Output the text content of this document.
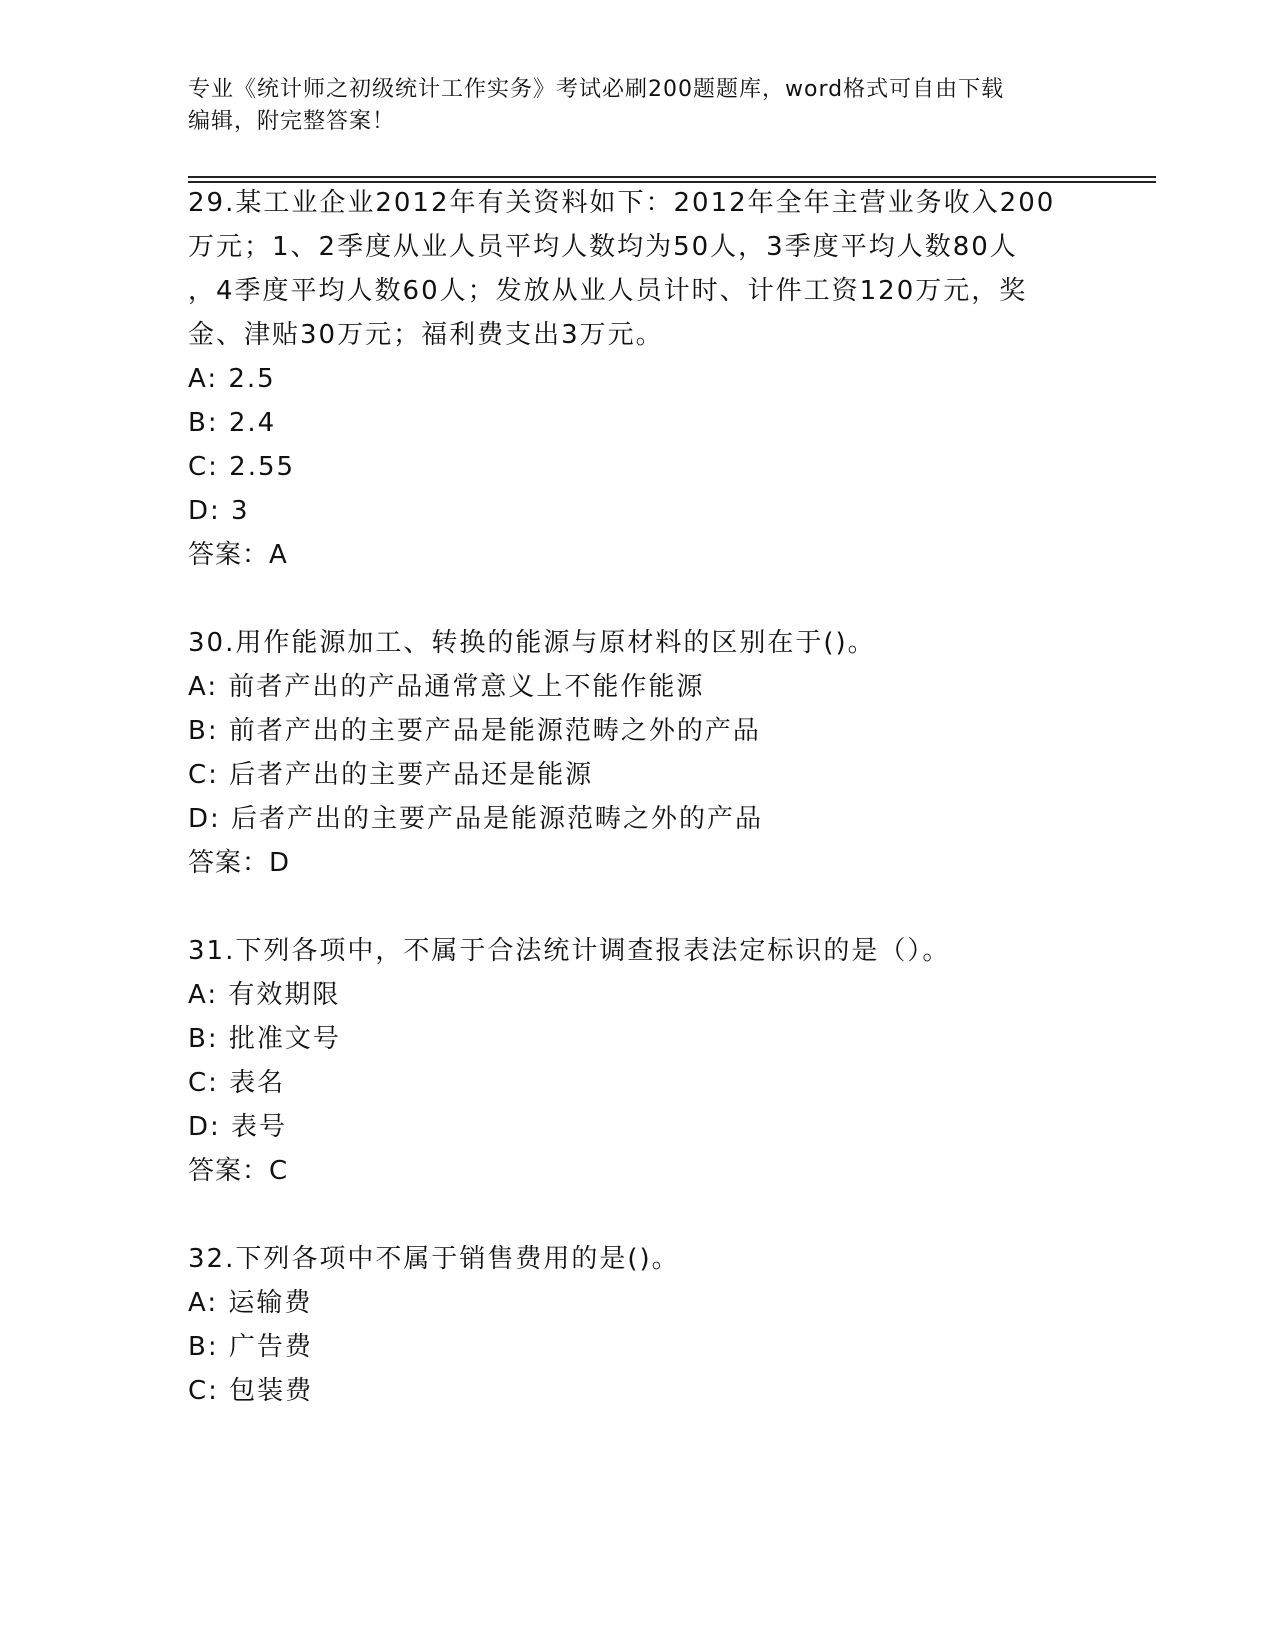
专业《统计师之初级统计工作实务》考试必刷200题题库，word格式可自由下载
编辑，附完整答案！
29.某工业企业2012年有关资料如下：2012年全年主营业务收入200
万元；1、2季度从业人员平均人数均为50人，3季度平均人数80人
，4季度平均人数60人；发放从业人员计时、计件工资120万元，奖
金、津贴30万元；福利费支出3万元。
A: 2.5
B: 2.4
C: 2.55
D: 3
答案：A
30.用作能源加工、转换的能源与原材料的区别在于()。
A: 前者产出的产品通常意义上不能作能源
B: 前者产出的主要产品是能源范畴之外的产品
C: 后者产出的主要产品还是能源
D: 后者产出的主要产品是能源范畴之外的产品
答案：D
31.下列各项中，不属于合法统计调查报表法定标识的是（）。
A: 有效期限
B: 批准文号
C: 表名
D: 表号
答案：C
32.下列各项中不属于销售费用的是()。
A: 运输费
B: 广告费
C: 包装费
